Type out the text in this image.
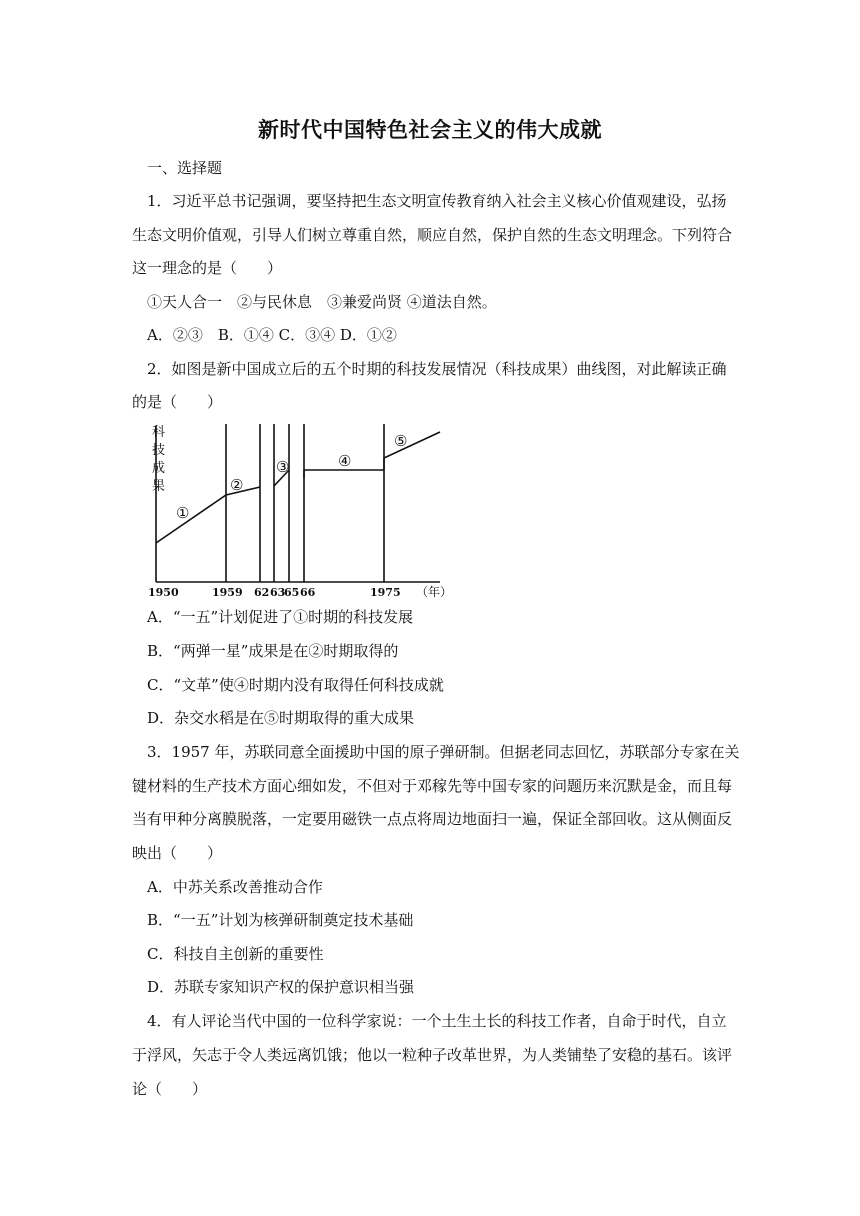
新时代中国特色社会主义的伟大成就
一、选择题
1．习近平总书记强调，要坚持把生态文明宣传教育纳入社会主义核心价值观建设，弘扬
生态文明价值观，引导人们树立尊重自然，顺应自然，保护自然的生态文明理念。下列符合
这一理念的是（　　）
①天人合一　②与民休息　③兼爱尚贤 ④道法自然。
A．②③　B．①④ C．③④ D．①②
2．如图是新中国成立后的五个时期的科技发展情况（科技成果）曲线图，对此解读正确
的是（　　）
1950	1959 62 63
65 66	1975 （年）
①
②
③	④
⑤
科
技
成
果
A．“一五”计划促进了①时期的科技发展
B．“两弹一星”成果是在②时期取得的
C．“文革”使④时期内没有取得任何科技成就
D．杂交水稻是在⑤时期取得的重大成果
3．1957 年，苏联同意全面援助中国的原子弹研制。但据老同志回忆，苏联部分专家在关
键材料的生产技术方面心细如发，不但对于邓稼先等中国专家的问题历来沉默是金，而且每
当有甲种分离膜脱落，一定要用磁铁一点点将周边地面扫一遍，保证全部回收。这从侧面反
映出（　　）
A．中苏关系改善推动合作
B．“一五”计划为核弹研制奠定技术基础
C．科技自主创新的重要性
D．苏联专家知识产权的保护意识相当强
4．有人评论当代中国的一位科学家说：一个土生土长的科技工作者，自命于时代，自立
于浮风，矢志于令人类远离饥饿；他以一粒种子改革世界，为人类铺垫了安稳的基石。该评
论（　　）
